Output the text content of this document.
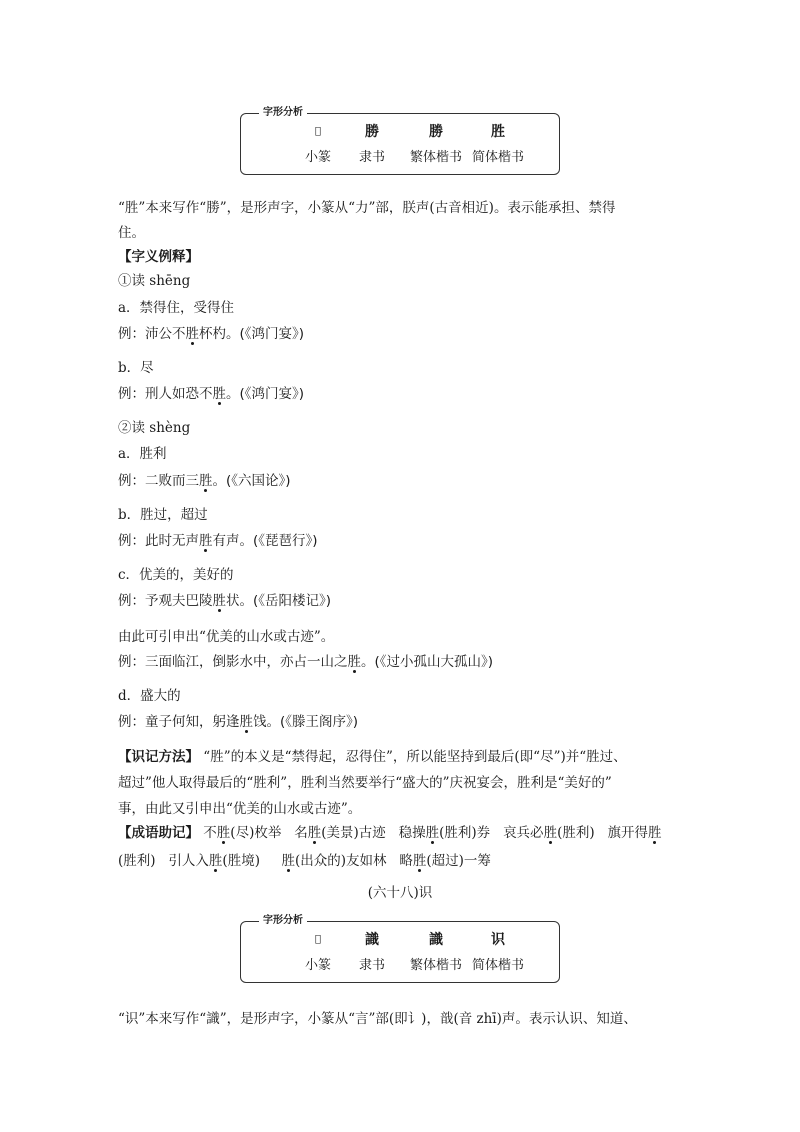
字形分析
𬣶	勝	勝	胜
小篆	隶书	繁体楷书 简体楷书
“胜”本来写作“勝”，是形声字，小篆从“力”部，朕声(古音相近)。表示能承担、禁得
住。
【字义例释】
①读 shēng
a．禁得住，受得住
例：沛公不胜杯杓。(《鸿门宴》)
b．尽
例：刑人如恐不胜。(《鸿门宴》)
②读 shèng
a．胜利
例：二败而三胜。(《六国论》)
b．胜过，超过
例：此时无声胜有声。(《琵琶行》)
c．优美的，美好的
例：予观夫巴陵胜状。(《岳阳楼记》)
由此可引申出“优美的山水或古迹”。
例：三面临江，倒影水中，亦占一山之胜。(《过小孤山大孤山》)
d．盛大的
例：童子何知，躬逢胜饯。(《滕王阁序》)
【识记方法】 “胜”的本义是“禁得起，忍得住”，所以能坚持到最后(即“尽”)并“胜过、
超过”他人取得最后的“胜利”，胜利当然要举行“盛大的”庆祝宴会，胜利是“美好的”
事，由此又引申出“优美的山水或古迹”。
【成语助记】 不胜(尽)枚举 名胜(美景)古迹 稳操胜(胜利)券 哀兵必胜(胜利) 旗开得胜
(胜利) 引人入胜(胜境) 胜(出众的)友如林 略胜(超过)一筹
(六十八)识
字形分析
𬣷	識	識	识
小篆	隶书	繁体楷书 简体楷书
“识”本来写作“識”，是形声字，小篆从“言”部(即讠)，戠(音 zhī)声。表示认识、知道、
